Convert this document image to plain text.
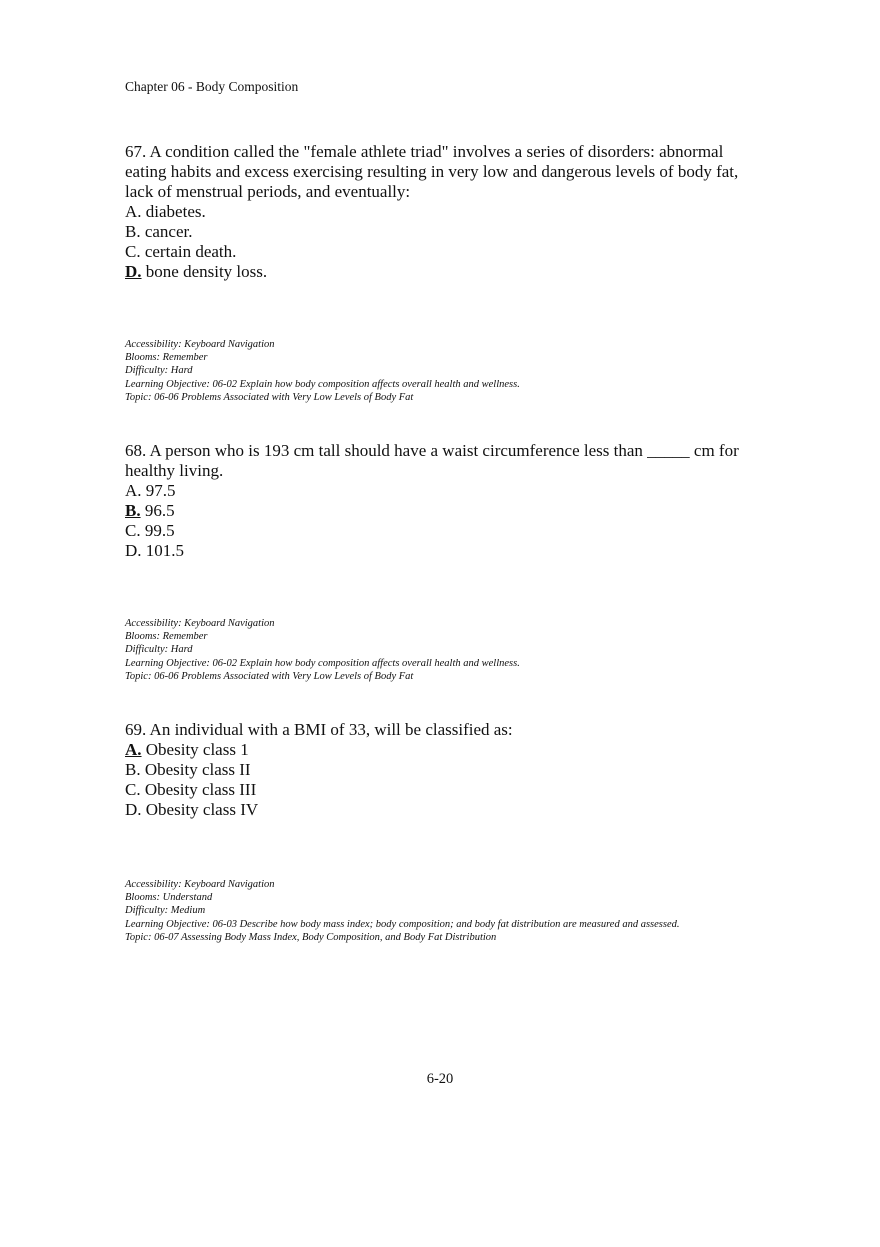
Chapter 06 - Body Composition

67. A condition called the "female athlete triad" involves a series of disorders: abnormal eating habits and excess exercising resulting in very low and dangerous levels of body fat, lack of menstrual periods, and eventually:

A. diabetes.
B. cancer.
C. certain death.
D. bone density loss.
Accessibility: Keyboard Navigation
Blooms: Remember
Difficulty: Hard
Learning Objective: 06-02 Explain how body composition affects overall health and wellness.
Topic: 06-06 Problems Associated with Very Low Levels of Body Fat

68. A person who is 193 cm tall should have a waist circumference less than _____ cm for healthy living.

A. 97.5
B. 96.5
C. 99.5
D. 101.5
Accessibility: Keyboard Navigation
Blooms: Remember
Difficulty: Hard
Learning Objective: 06-02 Explain how body composition affects overall health and wellness.
Topic: 06-06 Problems Associated with Very Low Levels of Body Fat

69. An individual with a BMI of 33, will be classified as:

A. Obesity class 1
B. Obesity class II
C. Obesity class III
D. Obesity class IV
Accessibility: Keyboard Navigation
Blooms: Understand
Difficulty: Medium
Learning Objective: 06-03 Describe how body mass index; body composition; and body fat distribution are measured and assessed.
Topic: 06-07 Assessing Body Mass Index, Body Composition, and Body Fat Distribution
6-20
